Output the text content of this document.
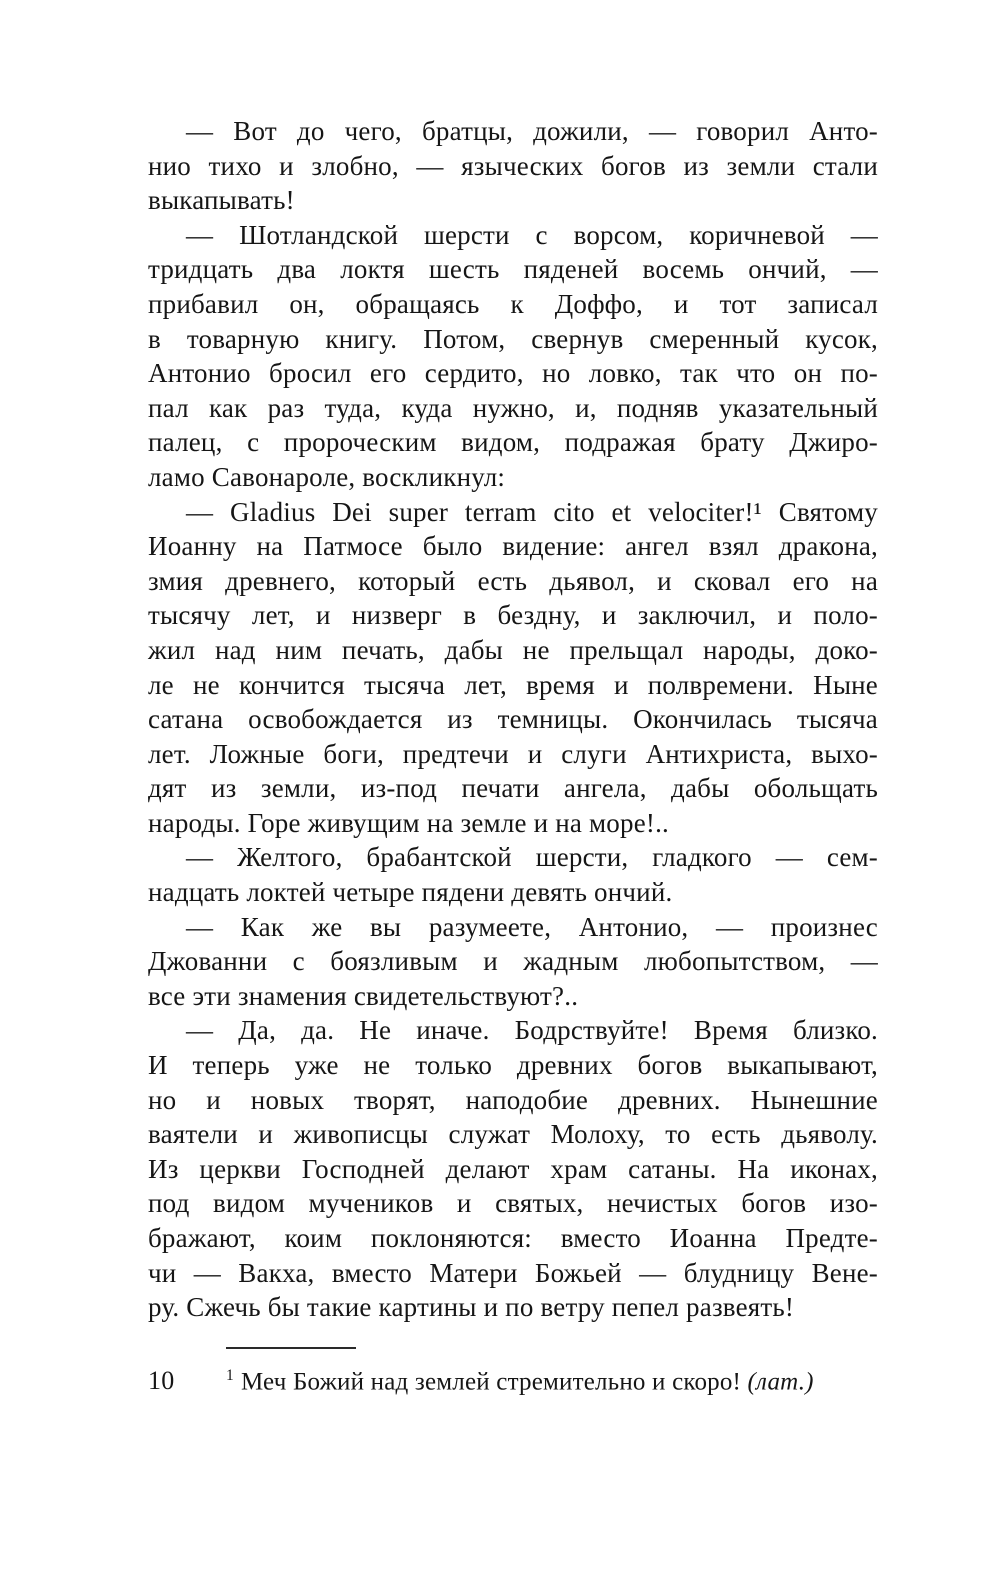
— Вот до чего, братцы, дожили, — говорил Анто-
нио тихо и злобно, — языческих богов из земли стали
выкапывать!
— Шотландской шерсти с ворсом, коричневой —
тридцать два локтя шесть пяденей восемь ончий, —
прибавил он, обращаясь к Доффо, и тот записал
в товарную книгу. Потом, свернув смеренный кусок,
Антонио бросил его сердито, но ловко, так что он по-
пал как раз туда, куда нужно, и, подняв указательный
палец, с пророческим видом, подражая брату Джиро-
ламо Савонароле, воскликнул:
— Gladius Dei super terram cito et velociter!¹ Святому
Иоанну на Патмосе было видение: ангел взял дракона,
змия древнего, который есть дьявол, и сковал его на
тысячу лет, и низверг в бездну, и заключил, и поло-
жил над ним печать, дабы не прельщал народы, доко-
ле не кончится тысяча лет, время и полвремени. Ныне
сатана освобождается из темницы. Окончилась тысяча
лет. Ложные боги, предтечи и слуги Антихриста, выхо-
дят из земли, из-под печати ангела, дабы обольщать
народы. Горе живущим на земле и на море!..
— Желтого, брабантской шерсти, гладкого — сем-
надцать локтей четыре пядени девять ончий.
— Как же вы разумеете, Антонио, — произнес
Джованни с боязливым и жадным любопытством, —
все эти знамения свидетельствуют?..
— Да, да. Не иначе. Бодрствуйте! Время близко.
И теперь уже не только древних богов выкапывают,
но и новых творят, наподобие древних. Нынешние
ваятели и живописцы служат Молоху, то есть дьяволу.
Из церкви Господней делают храм сатаны. На иконах,
под видом мучеников и святых, нечистых богов изо-
бражают, коим поклоняются: вместо Иоанна Предте-
чи — Вакха, вместо Матери Божьей — блудницу Вене-
ру. Сжечь бы такие картины и по ветру пепел развеять!
10	$^1$ Меч Божий над землей стремительно и скоро! (лат.)
